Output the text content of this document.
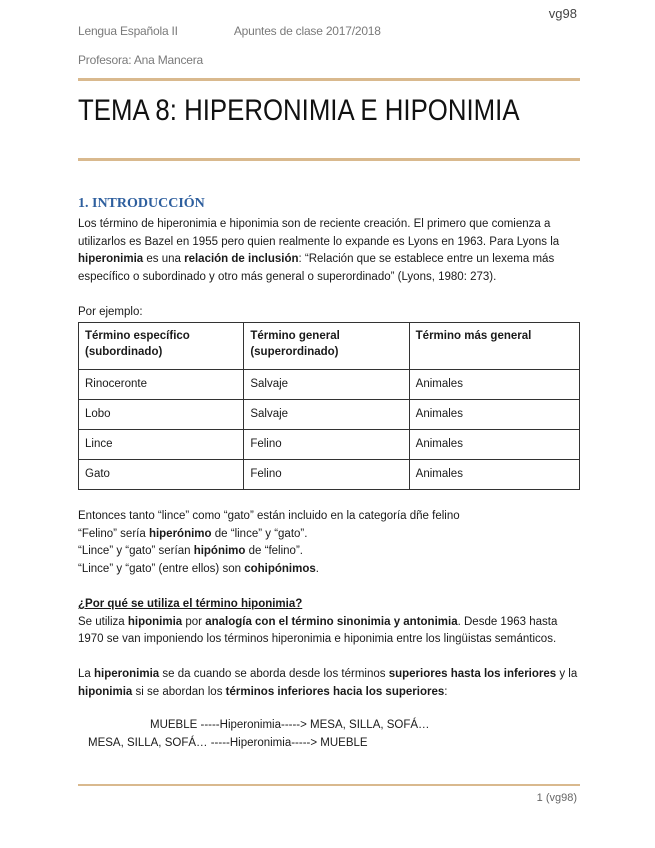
vg98
Lengua Española II	Apuntes de clase 2017/2018
Profesora: Ana Mancera
TEMA 8: HIPERONIMIA E HIPONIMIA
1. INTRODUCCIÓN

Los término de hiperonimia e hiponimia son de reciente creación. El primero que comienza a utilizarlos es Bazel en 1955 pero quien realmente lo expande es Lyons en 1963. Para Lyons la hiperonimia es una relación de inclusión: “Relación que se establece entre un lexema más específico o subordinado y otro más general o superordinado” (Lyons, 1980: 273).

Por ejemplo:
Término específico (subordinado)	Término general (superordinado)	Término más general
Rinoceronte	Salvaje	Animales
Lobo	Salvaje	Animales
Lince	Felino	Animales
Gato	Felino	Animales

Entonces tanto “lince” como “gato” están incluido en la categoría dñe felino

“Felino” sería hiperónimo de “lince” y “gato”.

“Lince” y “gato” serían hipónimo de “felino”.

“Lince” y “gato” (entre ellos) son cohipónimos.

¿Por qué se utiliza el término hiponimia?

Se utiliza hiponimia por analogía con el término sinonimia y antonimia. Desde 1963 hasta 1970 se van imponiendo los términos hiperonimia e hiponimia entre los lingüistas semánticos.

La hiperonimia se da cuando se aborda desde los términos superiores hasta los inferiores y la hiponimia si se abordan los términos inferiores hacia los superiores:

MUEBLE -----Hiperonimia-----> MESA, SILLA, SOFÁ…
MESA, SILLA, SOFÁ… -----Hiperonimia-----> MUEBLE
1 (vg98)
